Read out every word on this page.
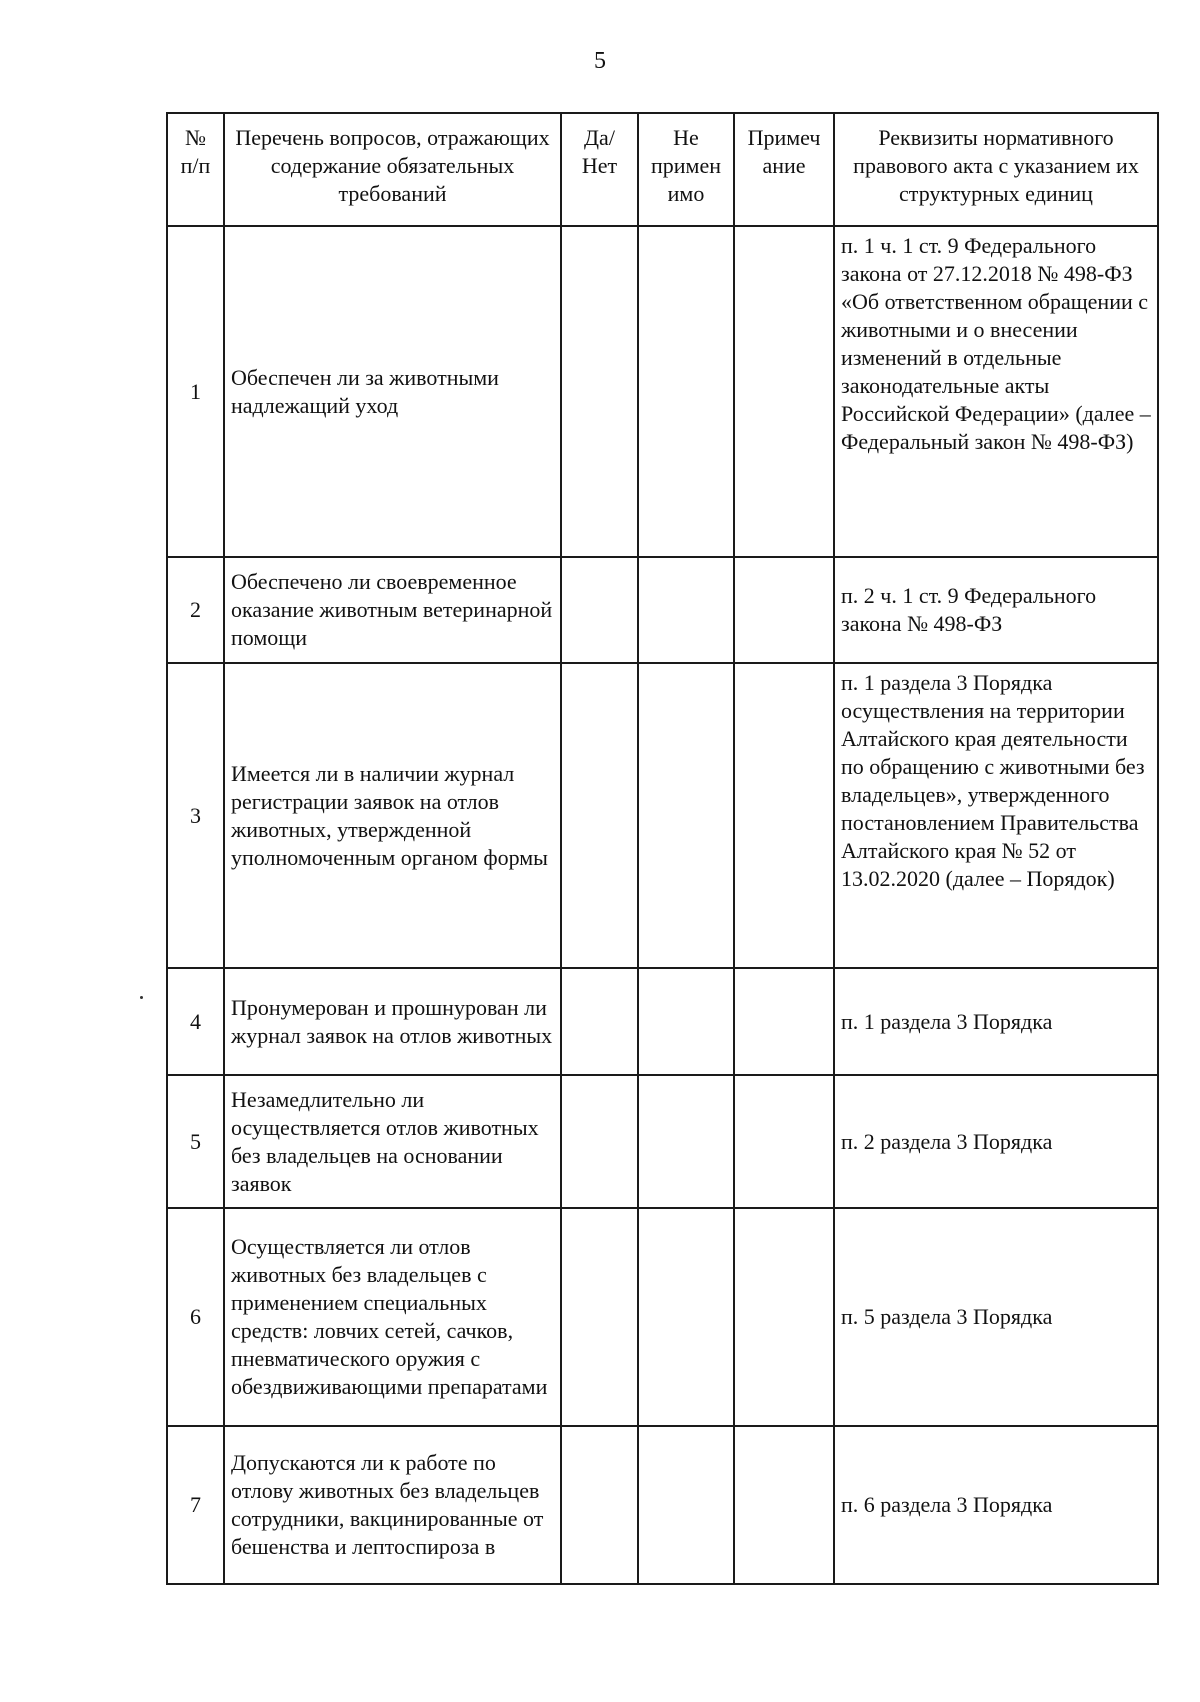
5
№ п/п	Перечень вопросов, отражающих содержание обязательных требований	Да/ Нет	Не примен имо	Примеч ание	Реквизиты нормативного правового акта с указанием их структурных единиц
1	Обеспечен ли за животными надлежащий уход				п. 1 ч. 1 ст. 9 Федерального закона от 27.12.2018 № 498-ФЗ «Об ответственном обращении с животными и о внесении изменений в отдельные законодательные акты Российской Федерации» (далее – Федеральный закон № 498-ФЗ)
2	Обеспечено ли своевременное оказание животным ветеринарной помощи				п. 2 ч. 1 ст. 9 Федерального закона № 498-ФЗ
3	Имеется ли в наличии журнал регистрации заявок на отлов животных, утвержденной уполномоченным органом формы				п. 1 раздела 3 Порядка осуществления на территории Алтайского края деятельности по обращению с животными без владельцев», утвержденного постановлением Правительства Алтайского края № 52 от 13.02.2020 (далее – Порядок)
4	Пронумерован и прошнурован ли журнал заявок на отлов животных				п. 1 раздела 3 Порядка
5	Незамедлительно ли осуществляется отлов животных без владельцев на основании заявок				п. 2 раздела 3 Порядка
6	Осуществляется ли отлов животных без владельцев с применением специальных средств: ловчих сетей, сачков, пневматического оружия с обездвиживающими препаратами				п. 5 раздела 3 Порядка
7	Допускаются ли к работе по отлову животных без владельцев сотрудники, вакцинированные от бешенства и лептоспироза в				п. 6 раздела 3 Порядка
